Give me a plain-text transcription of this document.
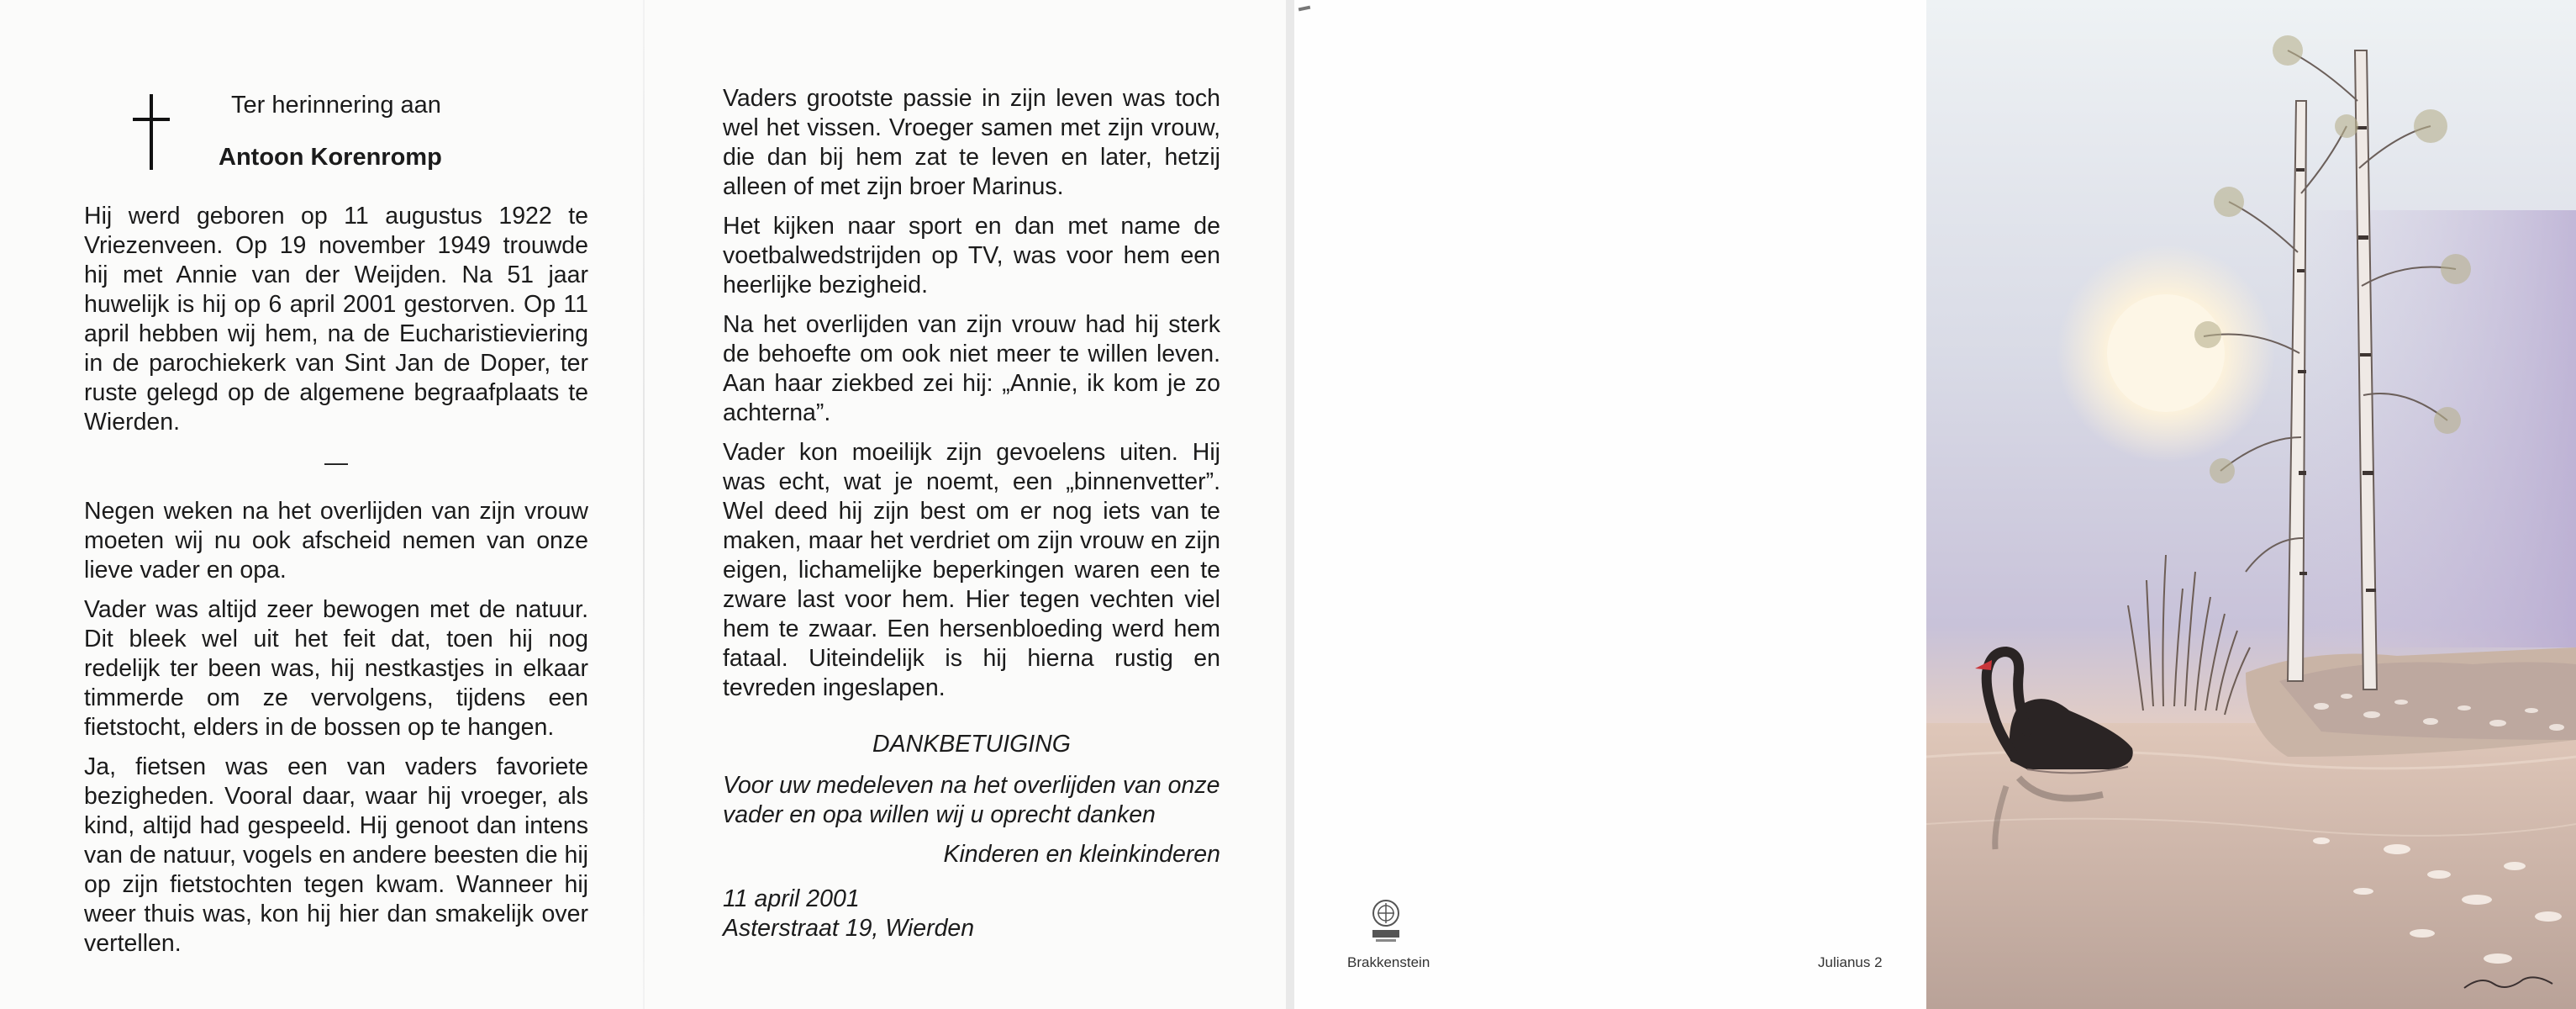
Ter herinnering aan
Antoon Korenromp

Hij werd geboren op 11 augustus 1922 te Vriezenveen. Op 19 november 1949 trouwde hij met Annie van der Weijden. Na 51 jaar huwelijk is hij op 6 april 2001 gestorven. Op 11 april hebben wij hem, na de Eucharistieviering in de parochiekerk van Sint Jan de Doper, ter ruste gelegd op de algemene begraafplaats te Wierden.

—

Negen weken na het overlijden van zijn vrouw moeten wij nu ook afscheid nemen van onze lieve vader en opa.

Vader was altijd zeer bewogen met de natuur. Dit bleek wel uit het feit dat, toen hij nog redelijk ter been was, hij nestkastjes in elkaar timmerde om ze vervolgens, tijdens een fietstocht, elders in de bossen op te hangen.

Ja, fietsen was een van vaders favoriete bezigheden. Vooral daar, waar hij vroeger, als kind, altijd had gespeeld. Hij genoot dan intens van de natuur, vogels en andere beesten die hij op zijn fietstochten tegen kwam. Wanneer hij weer thuis was, kon hij hier dan smakelijk over vertellen.

Vaders grootste passie in zijn leven was toch wel het vissen. Vroeger samen met zijn vrouw, die dan bij hem zat te leven en later, hetzij alleen of met zijn broer Marinus.

Het kijken naar sport en dan met name de voetbalwedstrijden op TV, was voor hem een heerlijke bezigheid.

Na het overlijden van zijn vrouw had hij sterk de behoefte om ook niet meer te willen leven. Aan haar ziekbed zei hij: „Annie, ik kom je zo achterna”.

Vader kon moeilijk zijn gevoelens uiten. Hij was echt, wat je noemt, een „binnenvetter”. Wel deed hij zijn best om er nog iets van te maken, maar het verdriet om zijn vrouw en zijn eigen, lichamelijke beperkingen waren een te zware last voor hem. Hier tegen vechten viel hem te zwaar. Een hersenbloeding werd hem fataal. Uiteindelijk is hij hierna rustig en tevreden ingeslapen.

DANKBETUIGING

Voor uw medeleven na het overlijden van onze vader en opa willen wij u oprecht danken

Kinderen en kleinkinderen

11 april 2001
Asterstraat 19, Wierden
Brakkenstein	Julianus 2
